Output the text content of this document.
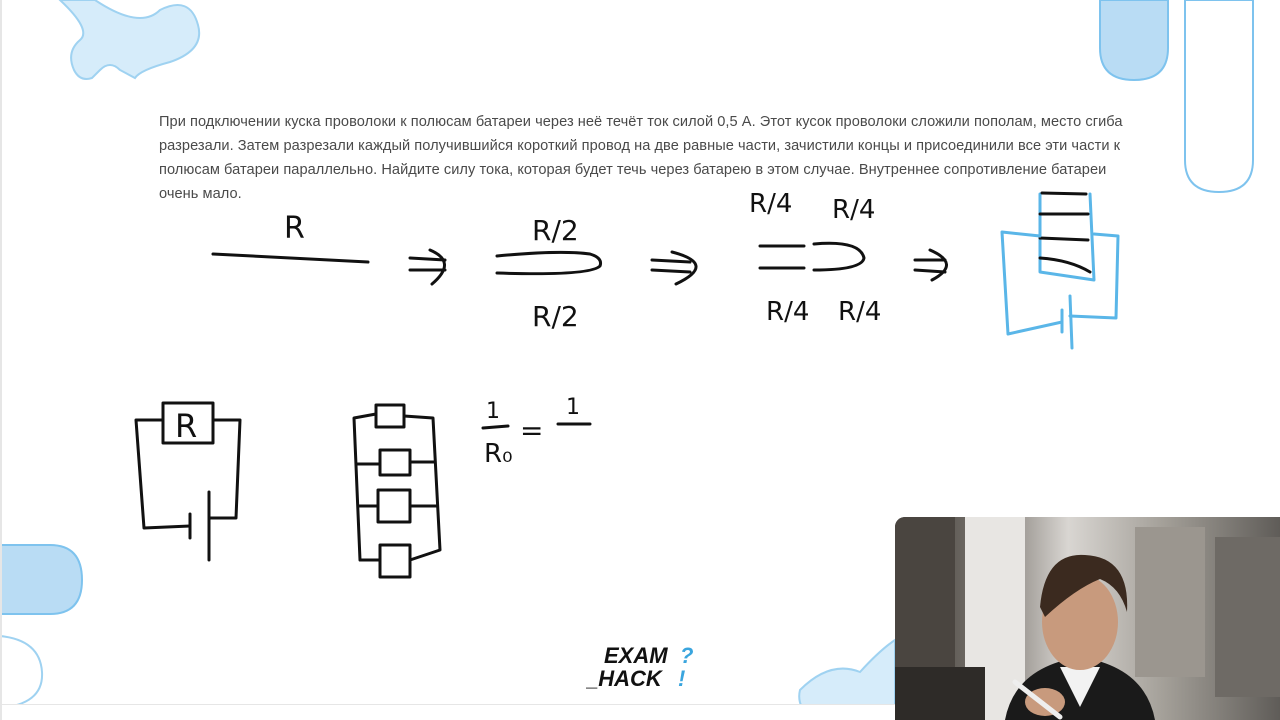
При подключении куска проволоки к полюсам батареи через неё течёт ток силой 0,5 А. Этот кусок проволоки сложили пополам, место сгиба разрезали. Затем разрезали каждый получившийся короткий провод на две равные части, зачистили концы и присоединили все эти части к полюсам батареи параллельно. Найдите силу тока, которая будет течь через батарею в этом случае. Внутреннее сопротивление батареи очень мало.

R	R/2
R/2
R/4 R/4
R/4 R/4
R	1
R₀
=
1
EXAM ?
_HACK !
